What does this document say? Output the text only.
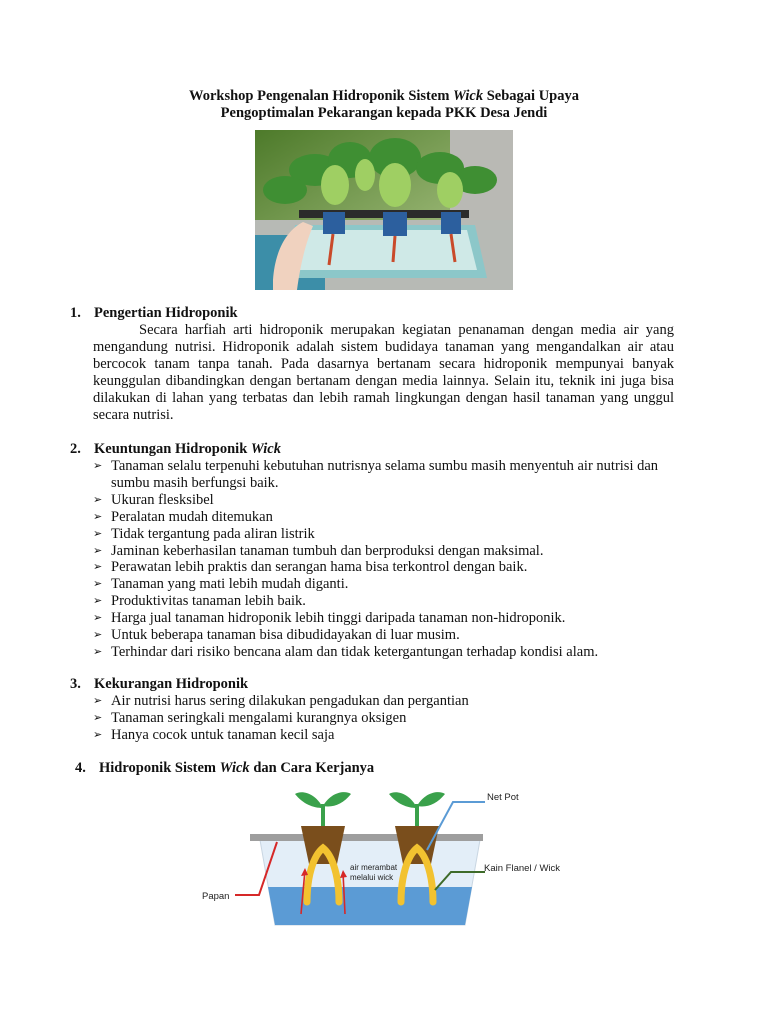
Workshop Pengenalan Hidroponik Sistem Wick Sebagai Upaya
Pengoptimalan Pekarangan kepada PKK Desa Jendi
1. Pengertian Hidroponik
Secara harfiah arti hidroponik merupakan kegiatan penanaman dengan media air yang mengandung nutrisi. Hidroponik adalah sistem budidaya tanaman yang mengandalkan air atau bercocok tanam tanpa tanah. Pada dasarnya bertanam secara hidroponik mempunyai banyak keunggulan dibandingkan dengan bertanam dengan media lainnya. Selain itu, teknik ini juga bisa dilakukan di lahan yang terbatas dan lebih ramah lingkungan dengan hasil tanaman yang unggul secara nutrisi.
2. Keuntungan Hidroponik Wick
➢ Tanaman selalu terpenuhi kebutuhan nutrisnya selama sumbu masih menyentuh air nutrisi dan sumbu masih berfungsi baik.
➢ Ukuran flesksibel
➢ Peralatan mudah ditemukan
➢ Tidak tergantung pada aliran listrik
➢ Jaminan keberhasilan tanaman tumbuh dan berproduksi dengan maksimal.
➢ Perawatan lebih praktis dan serangan hama bisa terkontrol dengan baik.
➢ Tanaman yang mati lebih mudah diganti.
➢ Produktivitas tanaman lebih baik.
➢ Harga jual tanaman hidroponik lebih tinggi daripada tanaman non-hidroponik.
➢ Untuk beberapa tanaman bisa dibudidayakan di luar musim.
➢ Terhindar dari risiko bencana alam dan tidak ketergantungan terhadap kondisi alam.
3. Kekurangan Hidroponik
➢ Air nutrisi harus sering dilakukan pengadukan dan pergantian
➢ Tanaman seringkali mengalami kurangnya oksigen
➢ Hanya cocok untuk tanaman kecil saja
4. Hidroponik Sistem Wick dan Cara Kerjanya
Net Pot
Kain Flanel / Wick
Papan
air merambat
melalui wick
